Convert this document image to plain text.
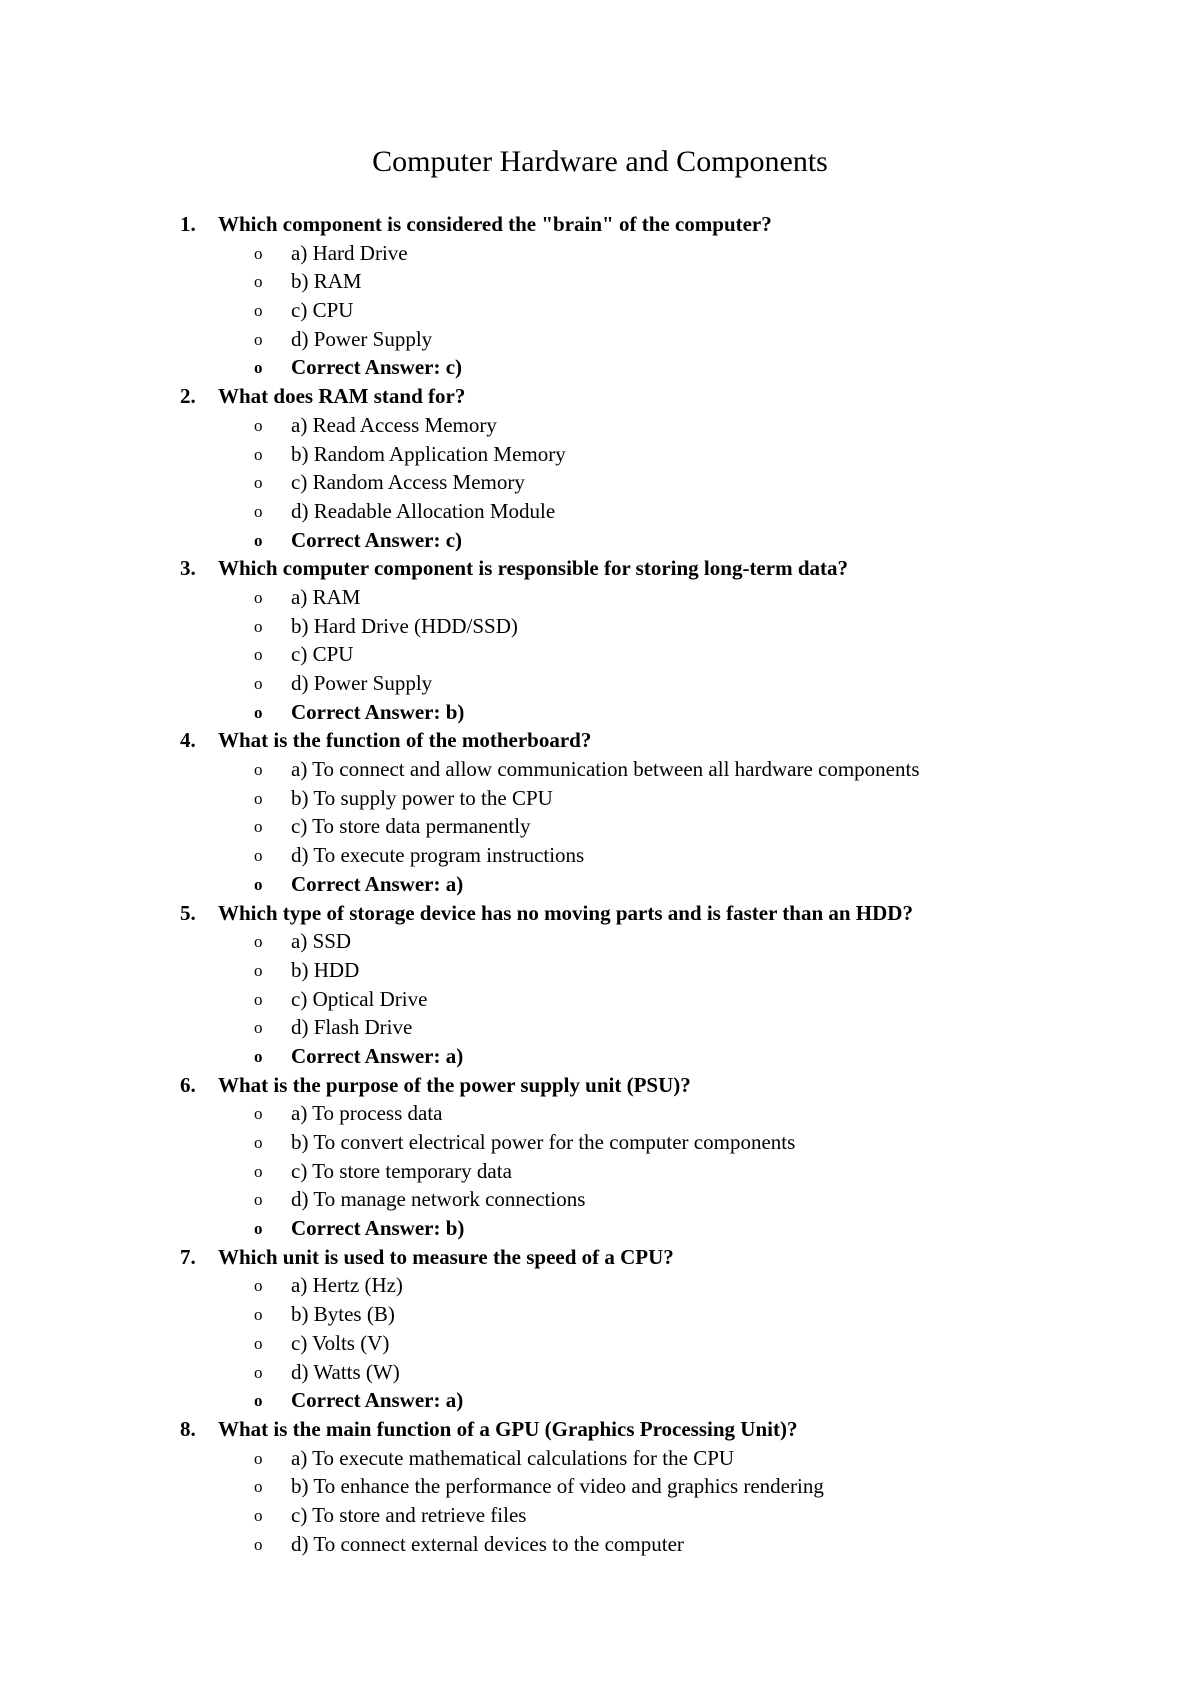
Computer Hardware and Components
1. Which component is considered the "brain" of the computer?
o a) Hard Drive
o b) RAM
o c) CPU
o d) Power Supply
o Correct Answer: c)
2. What does RAM stand for?
o a) Read Access Memory
o b) Random Application Memory
o c) Random Access Memory
o d) Readable Allocation Module
o Correct Answer: c)
3. Which computer component is responsible for storing long-term data?
o a) RAM
o b) Hard Drive (HDD/SSD)
o c) CPU
o d) Power Supply
o Correct Answer: b)
4. What is the function of the motherboard?
o a) To connect and allow communication between all hardware components
o b) To supply power to the CPU
o c) To store data permanently
o d) To execute program instructions
o Correct Answer: a)
5. Which type of storage device has no moving parts and is faster than an HDD?
o a) SSD
o b) HDD
o c) Optical Drive
o d) Flash Drive
o Correct Answer: a)
6. What is the purpose of the power supply unit (PSU)?
o a) To process data
o b) To convert electrical power for the computer components
o c) To store temporary data
o d) To manage network connections
o Correct Answer: b)
7. Which unit is used to measure the speed of a CPU?
o a) Hertz (Hz)
o b) Bytes (B)
o c) Volts (V)
o d) Watts (W)
o Correct Answer: a)
8. What is the main function of a GPU (Graphics Processing Unit)?
o a) To execute mathematical calculations for the CPU
o b) To enhance the performance of video and graphics rendering
o c) To store and retrieve files
o d) To connect external devices to the computer
